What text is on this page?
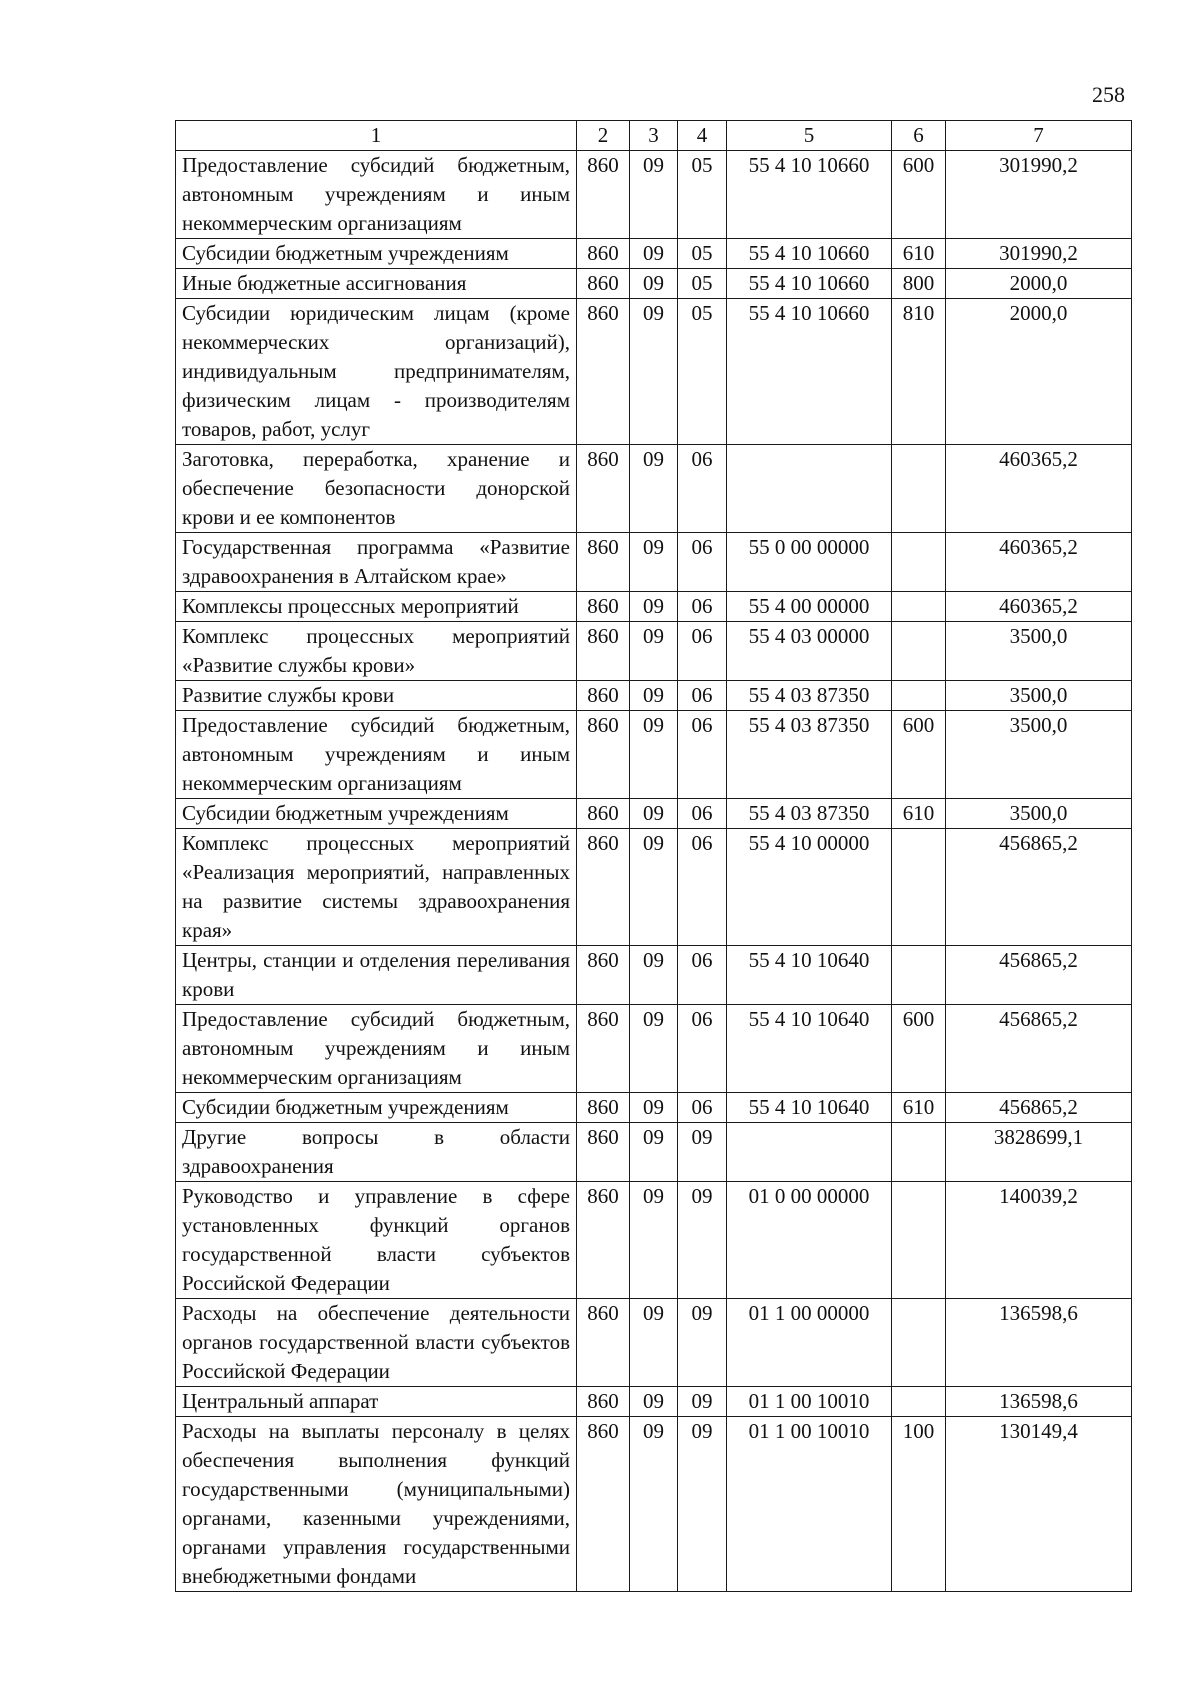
258
1	2	3	4	5	6	7
Предоставление субсидий бюджетным, автономным учреждениям и иным некоммерческим организациям	860	09	05	55 4 10 10660	600	301990,2
Субсидии бюджетным учреждениям	860	09	05	55 4 10 10660	610	301990,2
Иные бюджетные ассигнования	860	09	05	55 4 10 10660	800	2000,0
Субсидии юридическим лицам (кроме некоммерческих организаций), индивидуальным предпринимателям, физическим лицам - производителям товаров, работ, услуг	860	09	05	55 4 10 10660	810	2000,0
Заготовка, переработка, хранение и обеспечение безопасности донорской крови и ее компонентов	860	09	06			460365,2
Государственная программа «Развитие здравоохранения в Алтайском крае»	860	09	06	55 0 00 00000		460365,2
Комплексы процессных мероприятий	860	09	06	55 4 00 00000		460365,2
Комплекс процессных мероприятий «Развитие службы крови»	860	09	06	55 4 03 00000		3500,0
Развитие службы крови	860	09	06	55 4 03 87350		3500,0
Предоставление субсидий бюджетным, автономным учреждениям и иным некоммерческим организациям	860	09	06	55 4 03 87350	600	3500,0
Субсидии бюджетным учреждениям	860	09	06	55 4 03 87350	610	3500,0
Комплекс процессных мероприятий «Реализация мероприятий, направленных на развитие системы здравоохранения края»	860	09	06	55 4 10 00000		456865,2
Центры, станции и отделения переливания крови	860	09	06	55 4 10 10640		456865,2
Предоставление субсидий бюджетным, автономным учреждениям и иным некоммерческим организациям	860	09	06	55 4 10 10640	600	456865,2
Субсидии бюджетным учреждениям	860	09	06	55 4 10 10640	610	456865,2
Другие вопросы в области здравоохранения	860	09	09			3828699,1
Руководство и управление в сфере установленных функций органов государственной власти субъектов Российской Федерации	860	09	09	01 0 00 00000		140039,2
Расходы на обеспечение деятельности органов государственной власти субъектов Российской Федерации	860	09	09	01 1 00 00000		136598,6
Центральный аппарат	860	09	09	01 1 00 10010		136598,6
Расходы на выплаты персоналу в целях обеспечения выполнения функций государственными (муниципальными) органами, казенными учреждениями, органами управления государственными внебюджетными фондами	860	09	09	01 1 00 10010	100	130149,4
